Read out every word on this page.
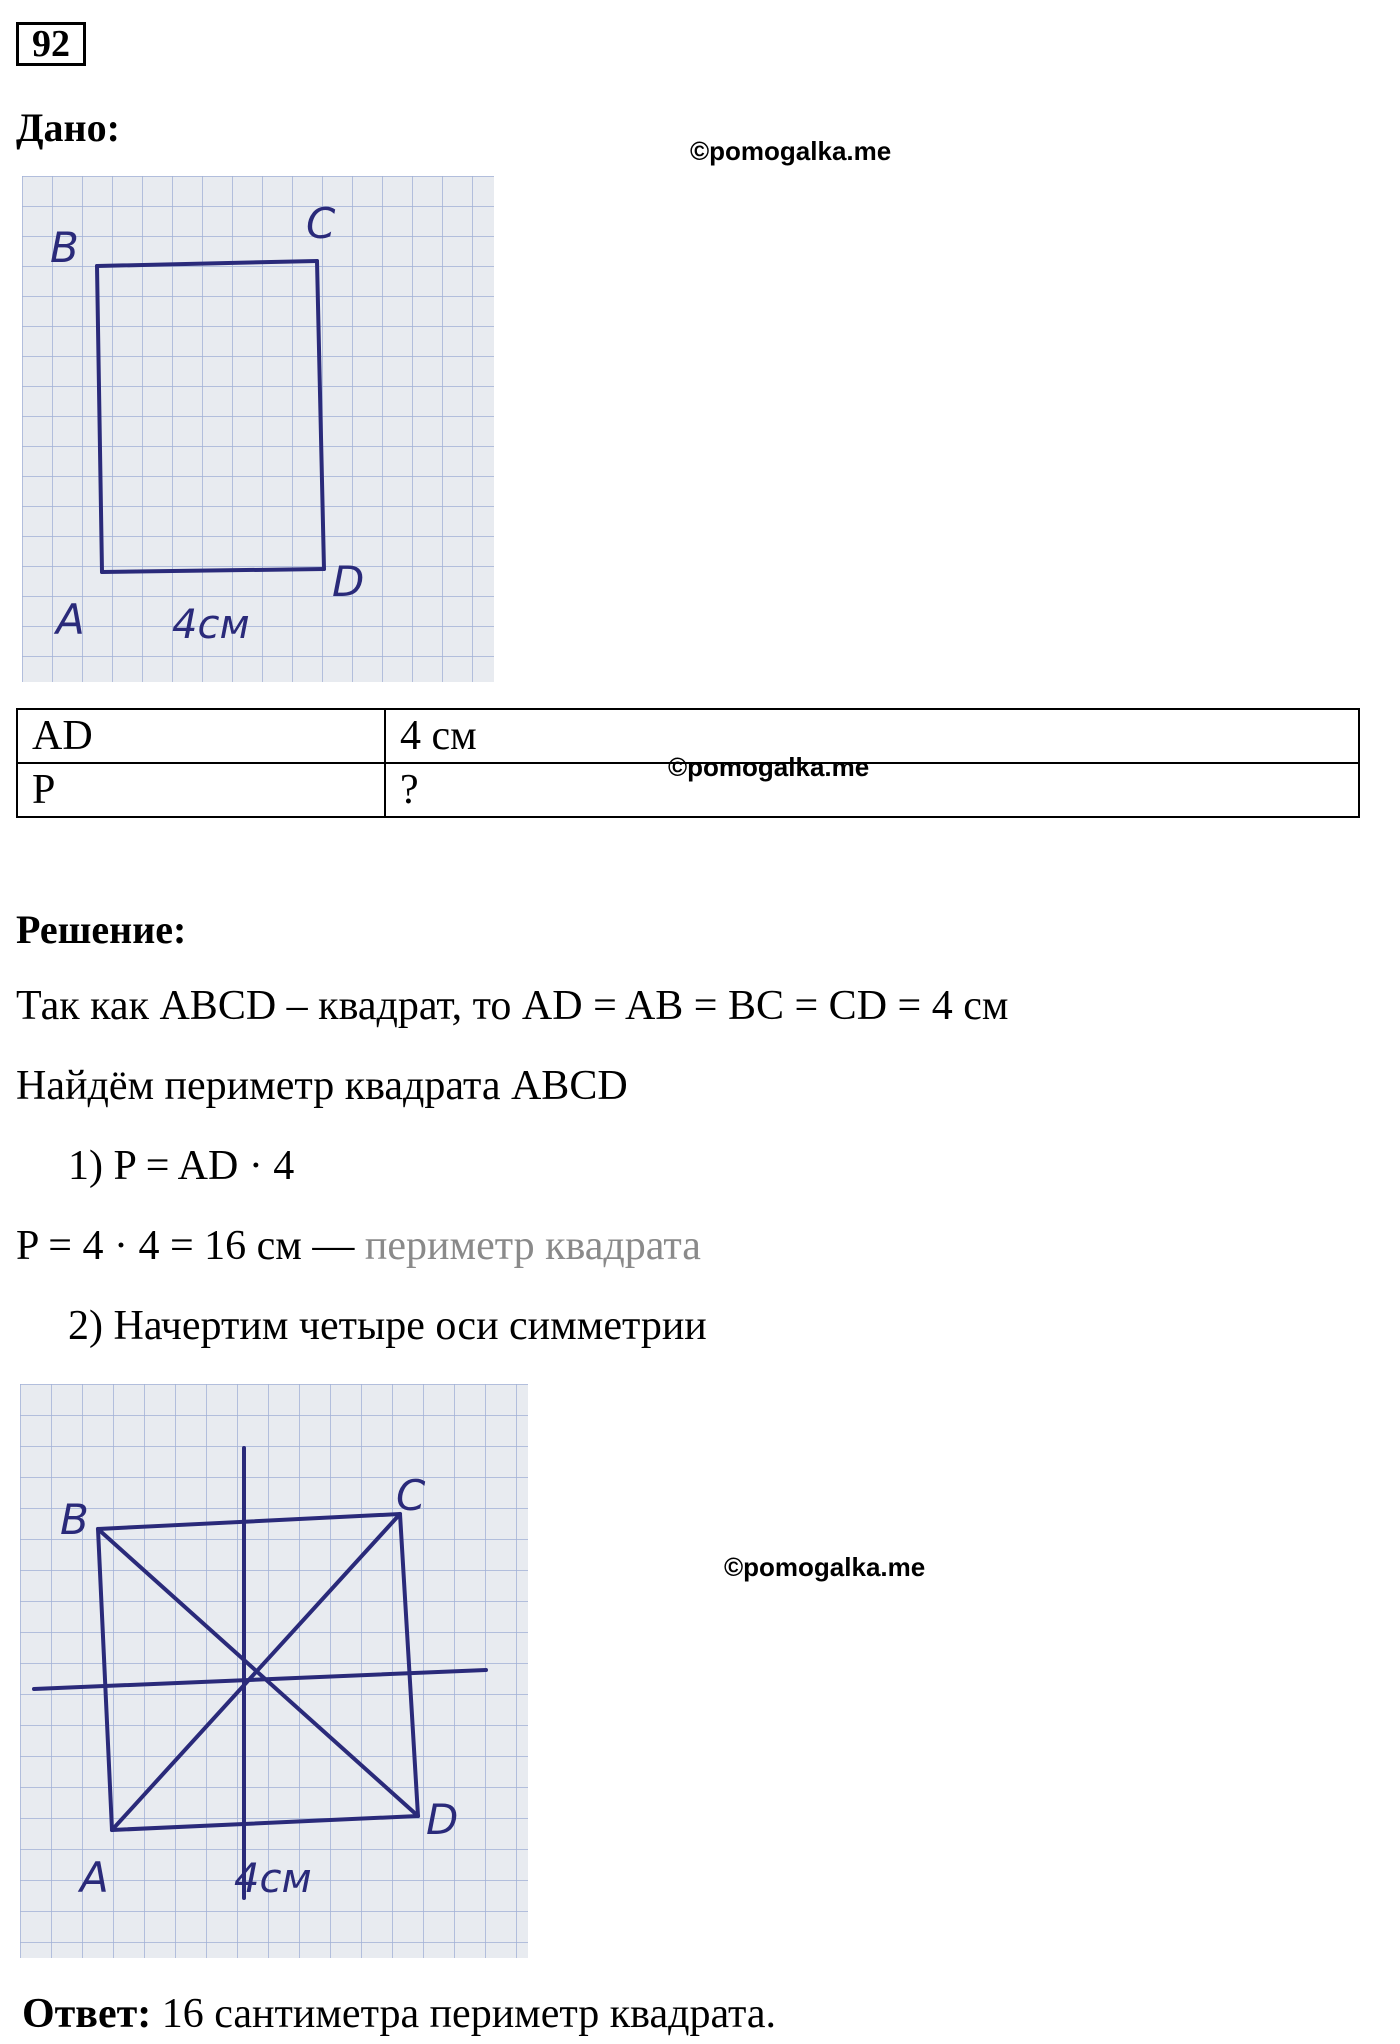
92
Дано:
©pomogalka.me
B	C
D
A 4см
©pomogalka.me
AD	4 см
P	?
Решение:
Так как ABCD – квадрат, то AD = AB = BC = CD = 4 см
Найдём периметр квадрата ABCD
1) P = AD · 4
P = 4 · 4 = 16 см — периметр квадрата
2) Начертим четыре оси симметрии
B	C
D
A	4см
©pomogalka.me
Ответ: 16 сантиметра периметр квадрата.
